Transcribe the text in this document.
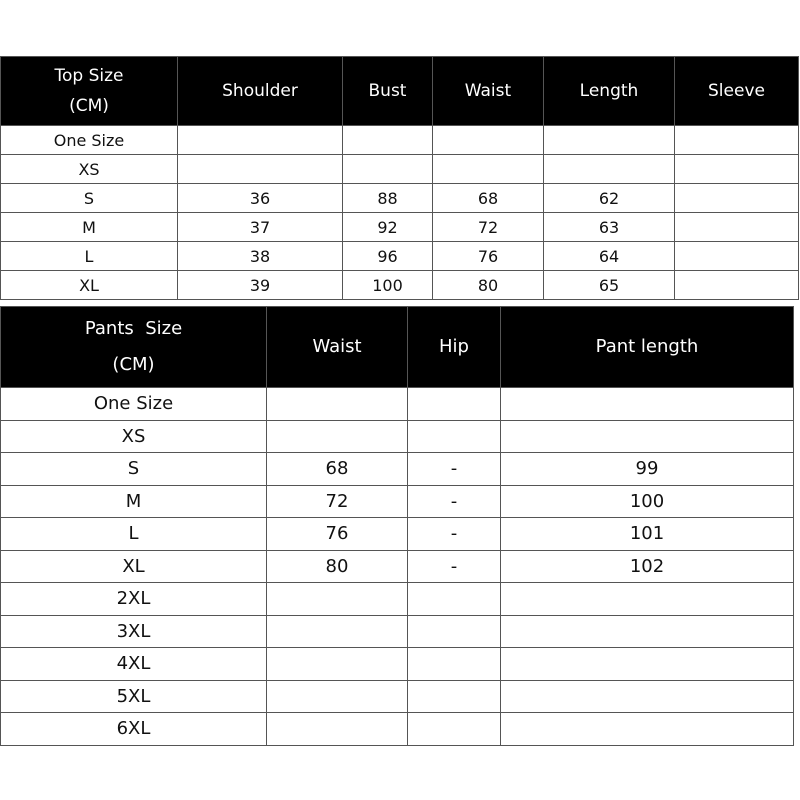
Top Size
(CM)	Shoulder	Bust	Waist	Length	Sleeve
One Size					
XS					
S	36	88	68	62	
M	37	92	72	63	
L	38	96	76	64	
XL	39	100	80	65	
Pants  Size
(CM)	Waist	Hip	Pant length
One Size			
XS			
S	68	-	99
M	72	-	100
L	76	-	101
XL	80	-	102
2XL			
3XL			
4XL			
5XL			
6XL			
